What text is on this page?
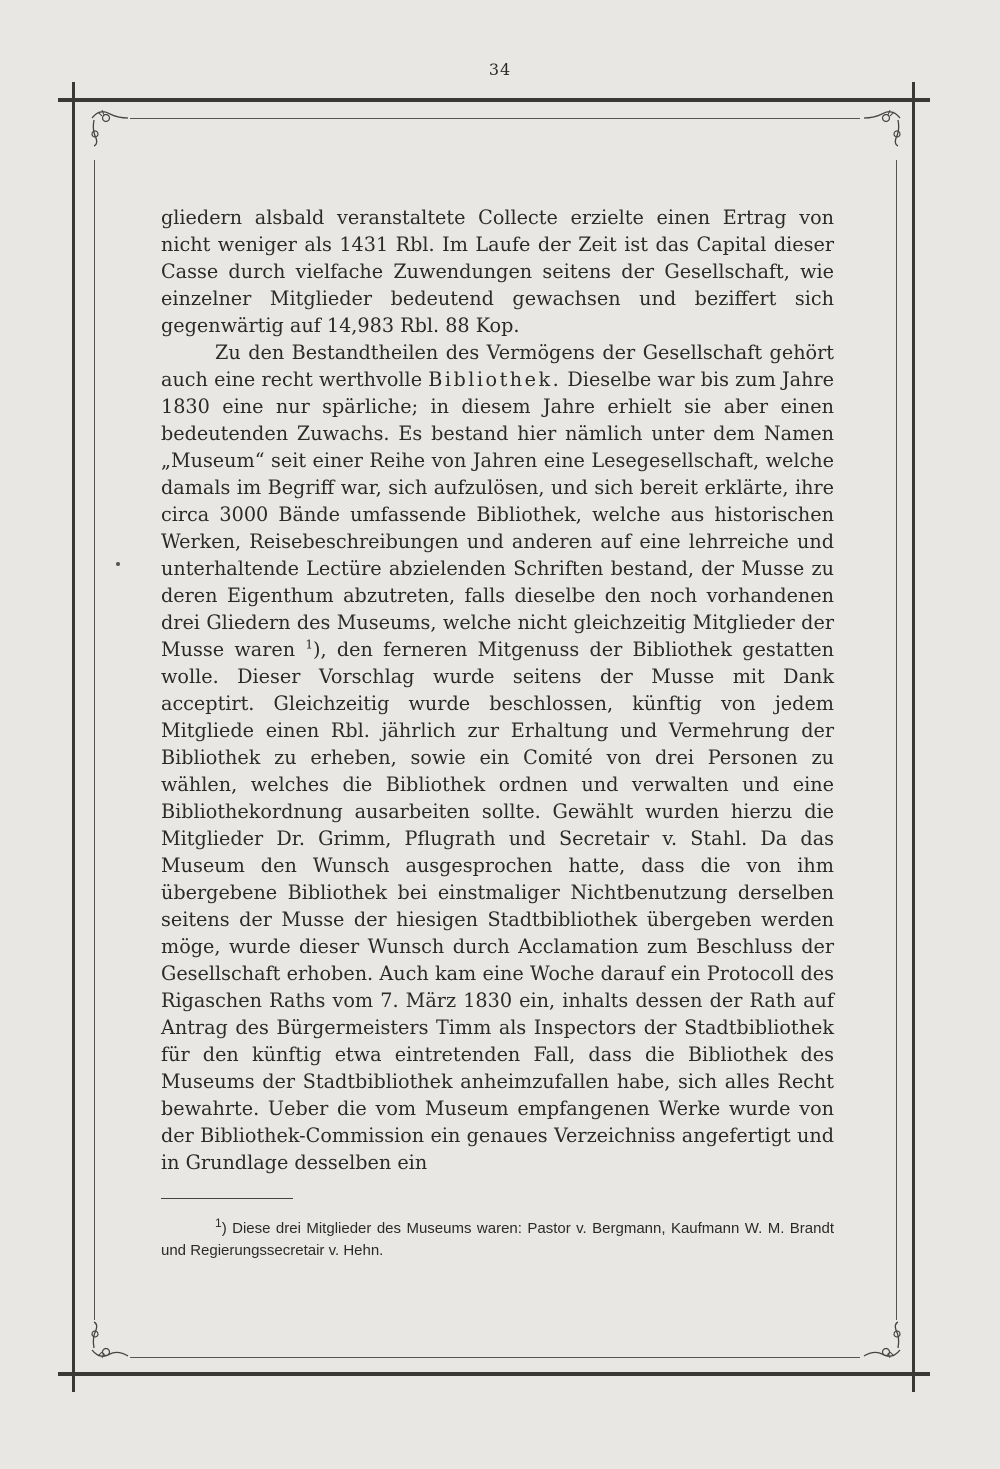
34

gliedern alsbald veranstaltete Collecte erzielte einen Ertrag von nicht weniger als 1431 Rbl. Im Laufe der Zeit ist das Capital dieser Casse durch vielfache Zuwendungen seitens der Gesellschaft, wie einzelner Mitglieder bedeutend gewachsen und beziffert sich gegenwärtig auf 14,983 Rbl. 88 Kop.

Zu den Bestandtheilen des Vermögens der Gesellschaft gehört auch eine recht werthvolle Bibliothek. Dieselbe war bis zum Jahre 1830 eine nur spärliche; in diesem Jahre erhielt sie aber einen bedeutenden Zuwachs. Es bestand hier nämlich unter dem Namen „Museum“ seit einer Reihe von Jahren eine Lesegesellschaft, welche damals im Begriff war, sich aufzulösen, und sich bereit erklärte, ihre circa 3000 Bände umfassende Bibliothek, welche aus historischen Werken, Reisebeschreibungen und anderen auf eine lehrreiche und unterhaltende Lectüre abzielenden Schriften bestand, der Musse zu deren Eigenthum abzutreten, falls dieselbe den noch vorhandenen drei Gliedern des Museums, welche nicht gleichzeitig Mitglieder der Musse waren $^1$), den ferneren Mitgenuss der Bibliothek gestatten wolle. Dieser Vorschlag wurde seitens der Musse mit Dank acceptirt. Gleichzeitig wurde beschlossen, künftig von jedem Mitgliede einen Rbl. jährlich zur Erhaltung und Vermehrung der Bibliothek zu erheben, sowie ein Comité von drei Personen zu wählen, welches die Bibliothek ordnen und verwalten und eine Bibliothekordnung ausarbeiten sollte. Gewählt wurden hierzu die Mitglieder Dr. Grimm, Pflugrath und Secretair v. Stahl. Da das Museum den Wunsch ausgesprochen hatte, dass die von ihm übergebene Bibliothek bei einstmaliger Nichtbenutzung derselben seitens der Musse der hiesigen Stadtbibliothek übergeben werden möge, wurde dieser Wunsch durch Acclamation zum Beschluss der Gesellschaft erhoben. Auch kam eine Woche darauf ein Protocoll des Rigaschen Raths vom 7. März 1830 ein, inhalts dessen der Rath auf Antrag des Bürgermeisters Timm als Inspectors der Stadtbibliothek für den künftig etwa eintretenden Fall, dass die Bibliothek des Museums der Stadtbibliothek anheimzufallen habe, sich alles Recht bewahrte. Ueber die vom Museum empfangenen Werke wurde von der Bibliothek-Commission ein genaues Verzeichniss angefertigt und in Grundlage desselben ein

$^1$) Diese drei Mitglieder des Museums waren: Pastor v. Bergmann, Kaufmann W. M. Brandt und Regierungssecretair v. Hehn.
